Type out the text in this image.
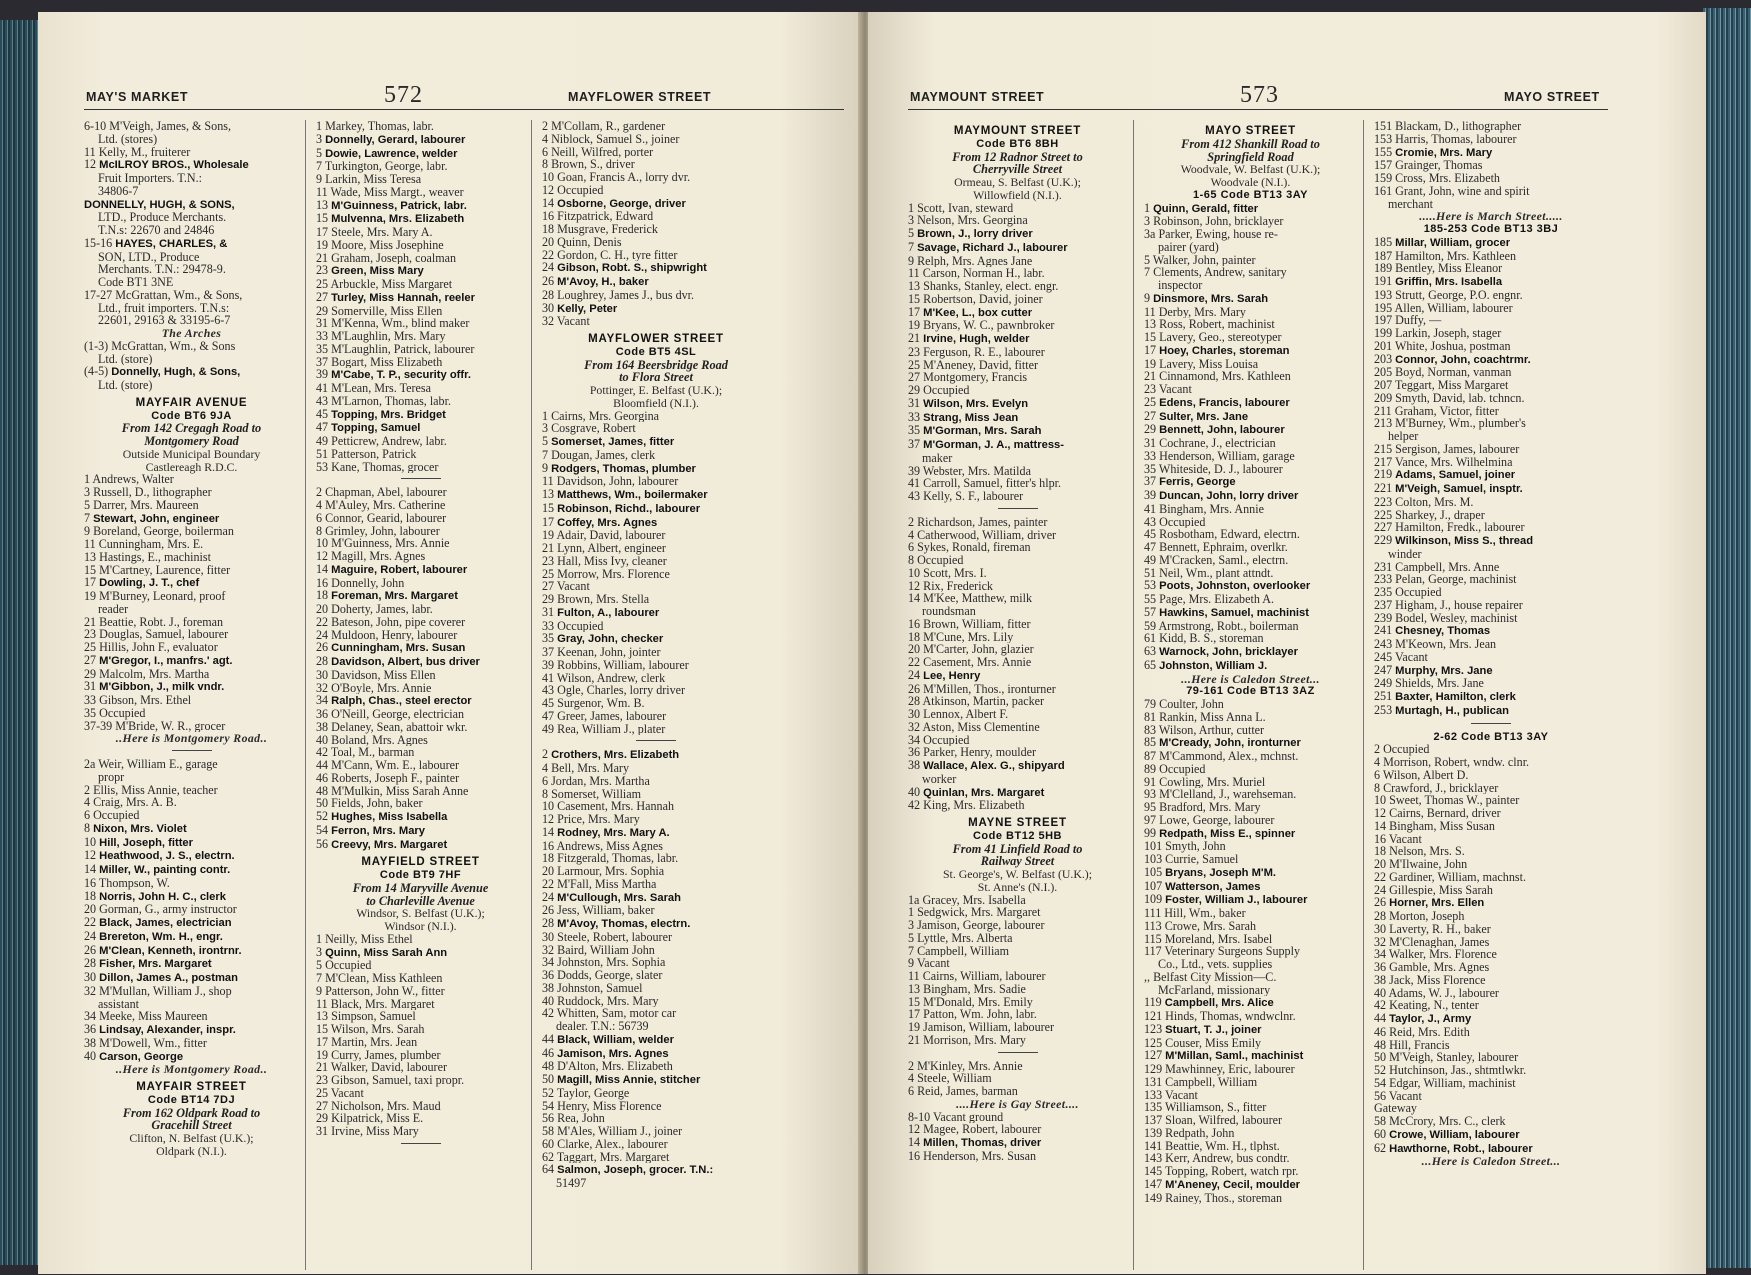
MAY'S MARKET	572	MAYFLOWER STREET
6-10 M'Veigh, James, & Sons,
Ltd. (stores)
11 Kelly, M., fruiterer
12 McILROY BROS., Wholesale
Fruit Importers. T.N.:
34806-7
DONNELLY, HUGH, & SONS,
LTD., Produce Merchants.
T.N.s: 22670 and 24846
15-16 HAYES, CHARLES, &
SON, LTD., Produce
Merchants. T.N.: 29478-9.
Code BT1 3NE
17-27 McGrattan, Wm., & Sons,
Ltd., fruit importers. T.N.s:
22601, 29163 & 33195-6-7
The Arches
(1-3) McGrattan, Wm., & Sons
Ltd. (store)
(4-5) Donnelly, Hugh, & Sons,
Ltd. (store)
MAYFAIR AVENUE
Code BT6 9JA
From 142 Cregagh Road to
Montgomery Road
Outside Municipal Boundary
Castlereagh R.D.C.
1 Andrews, Walter
3 Russell, D., lithographer
5 Darrer, Mrs. Maureen
7 Stewart, John, engineer
9 Boreland, George, boilerman
11 Cunningham, Mrs. E.
13 Hastings, E., machinist
15 M'Cartney, Laurence, fitter
17 Dowling, J. T., chef
19 M'Burney, Leonard, proof
reader
21 Beattie, Robt. J., foreman
23 Douglas, Samuel, labourer
25 Hillis, John F., evaluator
27 M'Gregor, I., manfrs.' agt.
29 Malcolm, Mrs. Martha
31 M'Gibbon, J., milk vndr.
33 Gibson, Mrs. Ethel
35 Occupied
37-39 M'Bride, W. R., grocer
..Here is Montgomery Road..
2a Weir, William E., garage
propr
2 Ellis, Miss Annie, teacher
4 Craig, Mrs. A. B.
6 Occupied
8 Nixon, Mrs. Violet
10 Hill, Joseph, fitter
12 Heathwood, J. S., electrn.
14 Miller, W., painting contr.
16 Thompson, W.
18 Norris, John H. C., clerk
20 Gorman, G., army instructor
22 Black, James, electrician
24 Brereton, Wm. H., engr.
26 M'Clean, Kenneth, irontrnr.
28 Fisher, Mrs. Margaret
30 Dillon, James A., postman
32 M'Mullan, William J., shop
assistant
34 Meeke, Miss Maureen
36 Lindsay, Alexander, inspr.
38 M'Dowell, Wm., fitter
40 Carson, George
..Here is Montgomery Road..
MAYFAIR STREET
Code BT14 7DJ
From 162 Oldpark Road to
Gracehill Street
Clifton, N. Belfast (U.K.);
Oldpark (N.I.).
1 Markey, Thomas, labr.
3 Donnelly, Gerard, labourer
5 Dowie, Lawrence, welder
7 Turkington, George, labr.
9 Larkin, Miss Teresa
11 Wade, Miss Margt., weaver
13 M'Guinness, Patrick, labr.
15 Mulvenna, Mrs. Elizabeth
17 Steele, Mrs. Mary A.
19 Moore, Miss Josephine
21 Graham, Joseph, coalman
23 Green, Miss Mary
25 Arbuckle, Miss Margaret
27 Turley, Miss Hannah, reeler
29 Somerville, Miss Ellen
31 M'Kenna, Wm., blind maker
33 M'Laughlin, Mrs. Mary
35 M'Laughlin, Patrick, labourer
37 Bogart, Miss Elizabeth
39 M'Cabe, T. P., security offr.
41 M'Lean, Mrs. Teresa
43 M'Larnon, Thomas, labr.
45 Topping, Mrs. Bridget
47 Topping, Samuel
49 Petticrew, Andrew, labr.
51 Patterson, Patrick
53 Kane, Thomas, grocer
2 Chapman, Abel, labourer
4 M'Auley, Mrs. Catherine
6 Connor, Gearid, labourer
8 Grimley, John, labourer
10 M'Guinness, Mrs. Annie
12 Magill, Mrs. Agnes
14 Maguire, Robert, labourer
16 Donnelly, John
18 Foreman, Mrs. Margaret
20 Doherty, James, labr.
22 Bateson, John, pipe coverer
24 Muldoon, Henry, labourer
26 Cunningham, Mrs. Susan
28 Davidson, Albert, bus driver
30 Davidson, Miss Ellen
32 O'Boyle, Mrs. Annie
34 Ralph, Chas., steel erector
36 O'Neill, George, electrician
38 Delaney, Sean, abattoir wkr.
40 Boland, Mrs. Agnes
42 Toal, M., barman
44 M'Cann, Wm. E., labourer
46 Roberts, Joseph F., painter
48 M'Mulkin, Miss Sarah Anne
50 Fields, John, baker
52 Hughes, Miss Isabella
54 Ferron, Mrs. Mary
56 Creevy, Mrs. Margaret
MAYFIELD STREET
Code BT9 7HF
From 14 Maryville Avenue
to Charleville Avenue
Windsor, S. Belfast (U.K.);
Windsor (N.I.).
1 Neilly, Miss Ethel
3 Quinn, Miss Sarah Ann
5 Occupied
7 M'Clean, Miss Kathleen
9 Patterson, John W., fitter
11 Black, Mrs. Margaret
13 Simpson, Samuel
15 Wilson, Mrs. Sarah
17 Martin, Mrs. Jean
19 Curry, James, plumber
21 Walker, David, labourer
23 Gibson, Samuel, taxi propr.
25 Vacant
27 Nicholson, Mrs. Maud
29 Kilpatrick, Miss E.
31 Irvine, Miss Mary
2 M'Collam, R., gardener
4 Niblock, Samuel S., joiner
6 Neill, Wilfred, porter
8 Brown, S., driver
10 Goan, Francis A., lorry dvr.
12 Occupied
14 Osborne, George, driver
16 Fitzpatrick, Edward
18 Musgrave, Frederick
20 Quinn, Denis
22 Gordon, C. H., tyre fitter
24 Gibson, Robt. S., shipwright
26 M'Avoy, H., baker
28 Loughrey, James J., bus dvr.
30 Kelly, Peter
32 Vacant
MAYFLOWER STREET
Code BT5 4SL
From 164 Beersbridge Road
to Flora Street
Pottinger, E. Belfast (U.K.);
Bloomfield (N.I.).
1 Cairns, Mrs. Georgina
3 Cosgrave, Robert
5 Somerset, James, fitter
7 Dougan, James, clerk
9 Rodgers, Thomas, plumber
11 Davidson, John, labourer
13 Matthews, Wm., boilermaker
15 Robinson, Richd., labourer
17 Coffey, Mrs. Agnes
19 Adair, David, labourer
21 Lynn, Albert, engineer
23 Hall, Miss Ivy, cleaner
25 Morrow, Mrs. Florence
27 Vacant
29 Brown, Mrs. Stella
31 Fulton, A., labourer
33 Occupied
35 Gray, John, checker
37 Keenan, John, jointer
39 Robbins, William, labourer
41 Wilson, Andrew, clerk
43 Ogle, Charles, lorry driver
45 Surgenor, Wm. B.
47 Greer, James, labourer
49 Rea, William J., plater
2 Crothers, Mrs. Elizabeth
4 Bell, Mrs. Mary
6 Jordan, Mrs. Martha
8 Somerset, William
10 Casement, Mrs. Hannah
12 Price, Mrs. Mary
14 Rodney, Mrs. Mary A.
16 Andrews, Miss Agnes
18 Fitzgerald, Thomas, labr.
20 Larmour, Mrs. Sophia
22 M'Fall, Miss Martha
24 M'Cullough, Mrs. Sarah
26 Jess, William, baker
28 M'Avoy, Thomas, electrn.
30 Steele, Robert, labourer
32 Baird, William John
34 Johnston, Mrs. Sophia
36 Dodds, George, slater
38 Johnston, Samuel
40 Ruddock, Mrs. Mary
42 Whitten, Sam, motor car
dealer. T.N.: 56739
44 Black, William, welder
46 Jamison, Mrs. Agnes
48 D'Alton, Mrs. Elizabeth
50 Magill, Miss Annie, stitcher
52 Taylor, George
54 Henry, Miss Florence
56 Rea, John
58 M'Ales, William J., joiner
60 Clarke, Alex., labourer
62 Taggart, Mrs. Margaret
64 Salmon, Joseph, grocer. T.N.:
51497
MAYMOUNT STREET	573	MAYO STREET
MAYMOUNT STREET
Code BT6 8BH
From 12 Radnor Street to
Cherryville Street
Ormeau, S. Belfast (U.K.);
Willowfield (N.I.).
1 Scott, Ivan, steward
3 Nelson, Mrs. Georgina
5 Brown, J., lorry driver
7 Savage, Richard J., labourer
9 Relph, Mrs. Agnes Jane
11 Carson, Norman H., labr.
13 Shanks, Stanley, elect. engr.
15 Robertson, David, joiner
17 M'Kee, L., box cutter
19 Bryans, W. C., pawnbroker
21 Irvine, Hugh, welder
23 Ferguson, R. E., labourer
25 M'Aneney, David, fitter
27 Montgomery, Francis
29 Occupied
31 Wilson, Mrs. Evelyn
33 Strang, Miss Jean
35 M'Gorman, Mrs. Sarah
37 M'Gorman, J. A., mattress-
maker
39 Webster, Mrs. Matilda
41 Carroll, Samuel, fitter's hlpr.
43 Kelly, S. F., labourer
2 Richardson, James, painter
4 Catherwood, William, driver
6 Sykes, Ronald, fireman
8 Occupied
10 Scott, Mrs. I.
12 Rix, Frederick
14 M'Kee, Matthew, milk
roundsman
16 Brown, William, fitter
18 M'Cune, Mrs. Lily
20 M'Carter, John, glazier
22 Casement, Mrs. Annie
24 Lee, Henry
26 M'Millen, Thos., ironturner
28 Atkinson, Martin, packer
30 Lennox, Albert F.
32 Aston, Miss Clementine
34 Occupied
36 Parker, Henry, moulder
38 Wallace, Alex. G., shipyard
worker
40 Quinlan, Mrs. Margaret
42 King, Mrs. Elizabeth
MAYNE STREET
Code BT12 5HB
From 41 Linfield Road to
Railway Street
St. George's, W. Belfast (U.K.);
St. Anne's (N.I.).
1a Gracey, Mrs. Isabella
1 Sedgwick, Mrs. Margaret
3 Jamison, George, labourer
5 Lyttle, Mrs. Alberta
7 Campbell, William
9 Vacant
11 Cairns, William, labourer
13 Bingham, Mrs. Sadie
15 M'Donald, Mrs. Emily
17 Patton, Wm. John, labr.
19 Jamison, William, labourer
21 Morrison, Mrs. Mary
2 M'Kinley, Mrs. Annie
4 Steele, William
6 Reid, James, barman
....Here is Gay Street....
8-10 Vacant ground
12 Magee, Robert, labourer
14 Millen, Thomas, driver
16 Henderson, Mrs. Susan
MAYO STREET
From 412 Shankill Road to
Springfield Road
Woodvale, W. Belfast (U.K.);
Woodvale (N.I.).
1-65 Code BT13 3AY
1 Quinn, Gerald, fitter
3 Robinson, John, bricklayer
3a Parker, Ewing, house re-
pairer (yard)
5 Walker, John, painter
7 Clements, Andrew, sanitary
inspector
9 Dinsmore, Mrs. Sarah
11 Derby, Mrs. Mary
13 Ross, Robert, machinist
15 Lavery, Geo., stereotyper
17 Hoey, Charles, storeman
19 Lavery, Miss Louisa
21 Cinnamond, Mrs. Kathleen
23 Vacant
25 Edens, Francis, labourer
27 Sulter, Mrs. Jane
29 Bennett, John, labourer
31 Cochrane, J., electrician
33 Henderson, William, garage
35 Whiteside, D. J., labourer
37 Ferris, George
39 Duncan, John, lorry driver
41 Bingham, Mrs. Annie
43 Occupied
45 Rosbotham, Edward, electrn.
47 Bennett, Ephraim, overlkr.
49 M'Cracken, Saml., electrn.
51 Neil, Wm., plant attndt.
53 Poots, Johnston, overlooker
55 Page, Mrs. Elizabeth A.
57 Hawkins, Samuel, machinist
59 Armstrong, Robt., boilerman
61 Kidd, B. S., storeman
63 Warnock, John, bricklayer
65 Johnston, William J.
...Here is Caledon Street...
79-161 Code BT13 3AZ
79 Coulter, John
81 Rankin, Miss Anna L.
83 Wilson, Arthur, cutter
85 M'Cready, John, ironturner
87 M'Cammond, Alex., mchnst.
89 Occupied
91 Cowling, Mrs. Muriel
93 M'Clelland, J., warehseman.
95 Bradford, Mrs. Mary
97 Lowe, George, labourer
99 Redpath, Miss E., spinner
101 Smyth, John
103 Currie, Samuel
105 Bryans, Joseph M'M.
107 Watterson, James
109 Foster, William J., labourer
111 Hill, Wm., baker
113 Crowe, Mrs. Sarah
115 Moreland, Mrs. Isabel
117 Veterinary Surgeons Supply
Co., Ltd., vets. supplies
,, Belfast City Mission—C.
McFarland, missionary
119 Campbell, Mrs. Alice
121 Hinds, Thomas, wndwclnr.
123 Stuart, T. J., joiner
125 Couser, Miss Emily
127 M'Millan, Saml., machinist
129 Mawhinney, Eric, labourer
131 Campbell, William
133 Vacant
135 Williamson, S., fitter
137 Sloan, Wilfred, labourer
139 Redpath, John
141 Beattie, Wm. H., tlphst.
143 Kerr, Andrew, bus condtr.
145 Topping, Robert, watch rpr.
147 M'Aneney, Cecil, moulder
149 Rainey, Thos., storeman
151 Blackam, D., lithographer
153 Harris, Thomas, labourer
155 Cromie, Mrs. Mary
157 Grainger, Thomas
159 Cross, Mrs. Elizabeth
161 Grant, John, wine and spirit
merchant
.....Here is March Street.....
185-253 Code BT13 3BJ
185 Millar, William, grocer
187 Hamilton, Mrs. Kathleen
189 Bentley, Miss Eleanor
191 Griffin, Mrs. Isabella
193 Strutt, George, P.O. engnr.
195 Allen, William, labourer
197 Duffy, —
199 Larkin, Joseph, stager
201 White, Joshua, postman
203 Connor, John, coachtrmr.
205 Boyd, Norman, vanman
207 Teggart, Miss Margaret
209 Smyth, David, lab. tchncn.
211 Graham, Victor, fitter
213 M'Burney, Wm., plumber's
helper
215 Sergison, James, labourer
217 Vance, Mrs. Wilhelmina
219 Adams, Samuel, joiner
221 M'Veigh, Samuel, insptr.
223 Colton, Mrs. M.
225 Sharkey, J., draper
227 Hamilton, Fredk., labourer
229 Wilkinson, Miss S., thread
winder
231 Campbell, Mrs. Anne
233 Pelan, George, machinist
235 Occupied
237 Higham, J., house repairer
239 Bodel, Wesley, machinist
241 Chesney, Thomas
243 M'Keown, Mrs. Jean
245 Vacant
247 Murphy, Mrs. Jane
249 Shields, Mrs. Jane
251 Baxter, Hamilton, clerk
253 Murtagh, H., publican
2-62 Code BT13 3AY
2 Occupied
4 Morrison, Robert, wndw. clnr.
6 Wilson, Albert D.
8 Crawford, J., bricklayer
10 Sweet, Thomas W., painter
12 Cairns, Bernard, driver
14 Bingham, Miss Susan
16 Vacant
18 Nelson, Mrs. S.
20 M'Ilwaine, John
22 Gardiner, William, machnst.
24 Gillespie, Miss Sarah
26 Horner, Mrs. Ellen
28 Morton, Joseph
30 Laverty, R. H., baker
32 M'Clenaghan, James
34 Walker, Mrs. Florence
36 Gamble, Mrs. Agnes
38 Jack, Miss Florence
40 Adams, W. J., labourer
42 Keating, N., tenter
44 Taylor, J., Army
46 Reid, Mrs. Edith
48 Hill, Francis
50 M'Veigh, Stanley, labourer
52 Hutchinson, Jas., shtmtlwkr.
54 Edgar, William, machinist
56 Vacant
Gateway
58 McCrory, Mrs. C., clerk
60 Crowe, William, labourer
62 Hawthorne, Robt., labourer
...Here is Caledon Street...
